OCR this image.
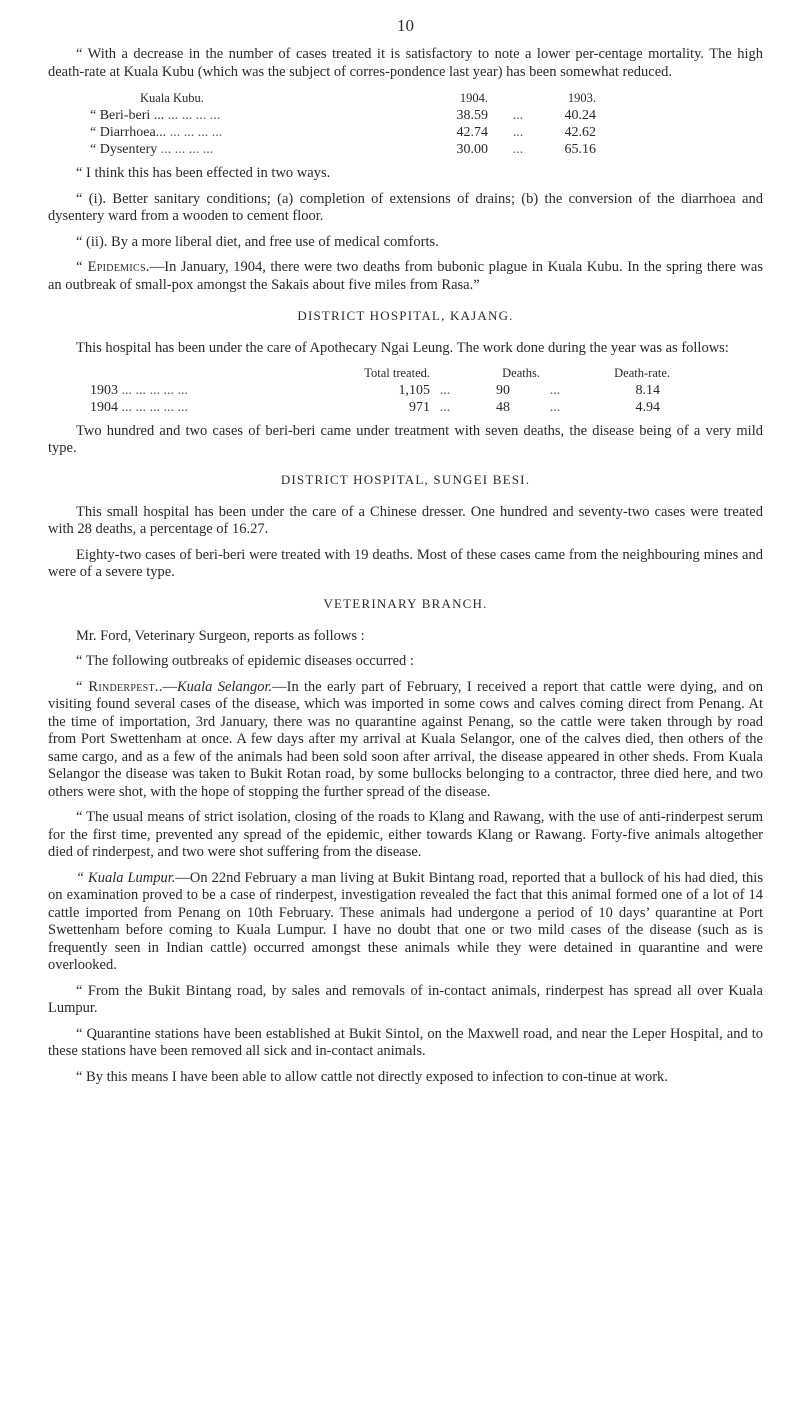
10

“ With a decrease in the number of cases treated it is satisfactory to note a lower per-centage mortality. The high death-rate at Kuala Kubu (which was the subject of corres-pondence last year) has been somewhat reduced.

Kuala Kubu.	1904.		1903.
“ Beri-beri ... ... ... ... ...	38.59	...	40.24
“ Diarrhoea... ... ... ... ...	42.74	...	42.62
“ Dysentery ... ... ... ...	30.00	...	65.16

“ I think this has been effected in two ways.

“ (i). Better sanitary conditions; (a) completion of extensions of drains; (b) the conversion of the diarrhoea and dysentery ward from a wooden to cement floor.

“ (ii). By a more liberal diet, and free use of medical comforts.

“ Epidemics.—In January, 1904, there were two deaths from bubonic plague in Kuala Kubu. In the spring there was an outbreak of small-pox amongst the Sakais about five miles from Rasa.”

DISTRICT HOSPITAL, KAJANG.

This hospital has been under the care of Apothecary Ngai Leung. The work done during the year was as follows:

	Total treated.		Deaths.		Death-rate.
1903 ... ... ... ... ...	1,105	...	90	...	8.14
1904 ... ... ... ... ...	971	...	48	...	4.94

Two hundred and two cases of beri-beri came under treatment with seven deaths, the disease being of a very mild type.

DISTRICT HOSPITAL, SUNGEI BESI.

This small hospital has been under the care of a Chinese dresser. One hundred and seventy-two cases were treated with 28 deaths, a percentage of 16.27.

Eighty-two cases of beri-beri were treated with 19 deaths. Most of these cases came from the neighbouring mines and were of a severe type.

VETERINARY BRANCH.

Mr. Ford, Veterinary Surgeon, reports as follows :

“ The following outbreaks of epidemic diseases occurred :

“ Rinderpest..—Kuala Selangor.—In the early part of February, I received a report that cattle were dying, and on visiting found several cases of the disease, which was imported in some cows and calves coming direct from Penang. At the time of importation, 3rd January, there was no quarantine against Penang, so the cattle were taken through by road from Port Swettenham at once. A few days after my arrival at Kuala Selangor, one of the calves died, then others of the same cargo, and as a few of the animals had been sold soon after arrival, the disease appeared in other sheds. From Kuala Selangor the disease was taken to Bukit Rotan road, by some bullocks belonging to a contractor, three died here, and two others were shot, with the hope of stopping the further spread of the disease.

“ The usual means of strict isolation, closing of the roads to Klang and Rawang, with the use of anti-rinderpest serum for the first time, prevented any spread of the epidemic, either towards Klang or Rawang. Forty-five animals altogether died of rinderpest, and two were shot suffering from the disease.

“ Kuala Lumpur.—On 22nd February a man living at Bukit Bintang road, reported that a bullock of his had died, this on examination proved to be a case of rinderpest, investigation revealed the fact that this animal formed one of a lot of 14 cattle imported from Penang on 10th February. These animals had undergone a period of 10 days’ quarantine at Port Swettenham before coming to Kuala Lumpur. I have no doubt that one or two mild cases of the disease (such as is frequently seen in Indian cattle) occurred amongst these animals while they were detained in quarantine and were overlooked.

“ From the Bukit Bintang road, by sales and removals of in-contact animals, rinderpest has spread all over Kuala Lumpur.

“ Quarantine stations have been established at Bukit Sintol, on the Maxwell road, and near the Leper Hospital, and to these stations have been removed all sick and in-contact animals.

“ By this means I have been able to allow cattle not directly exposed to infection to con-tinue at work.
